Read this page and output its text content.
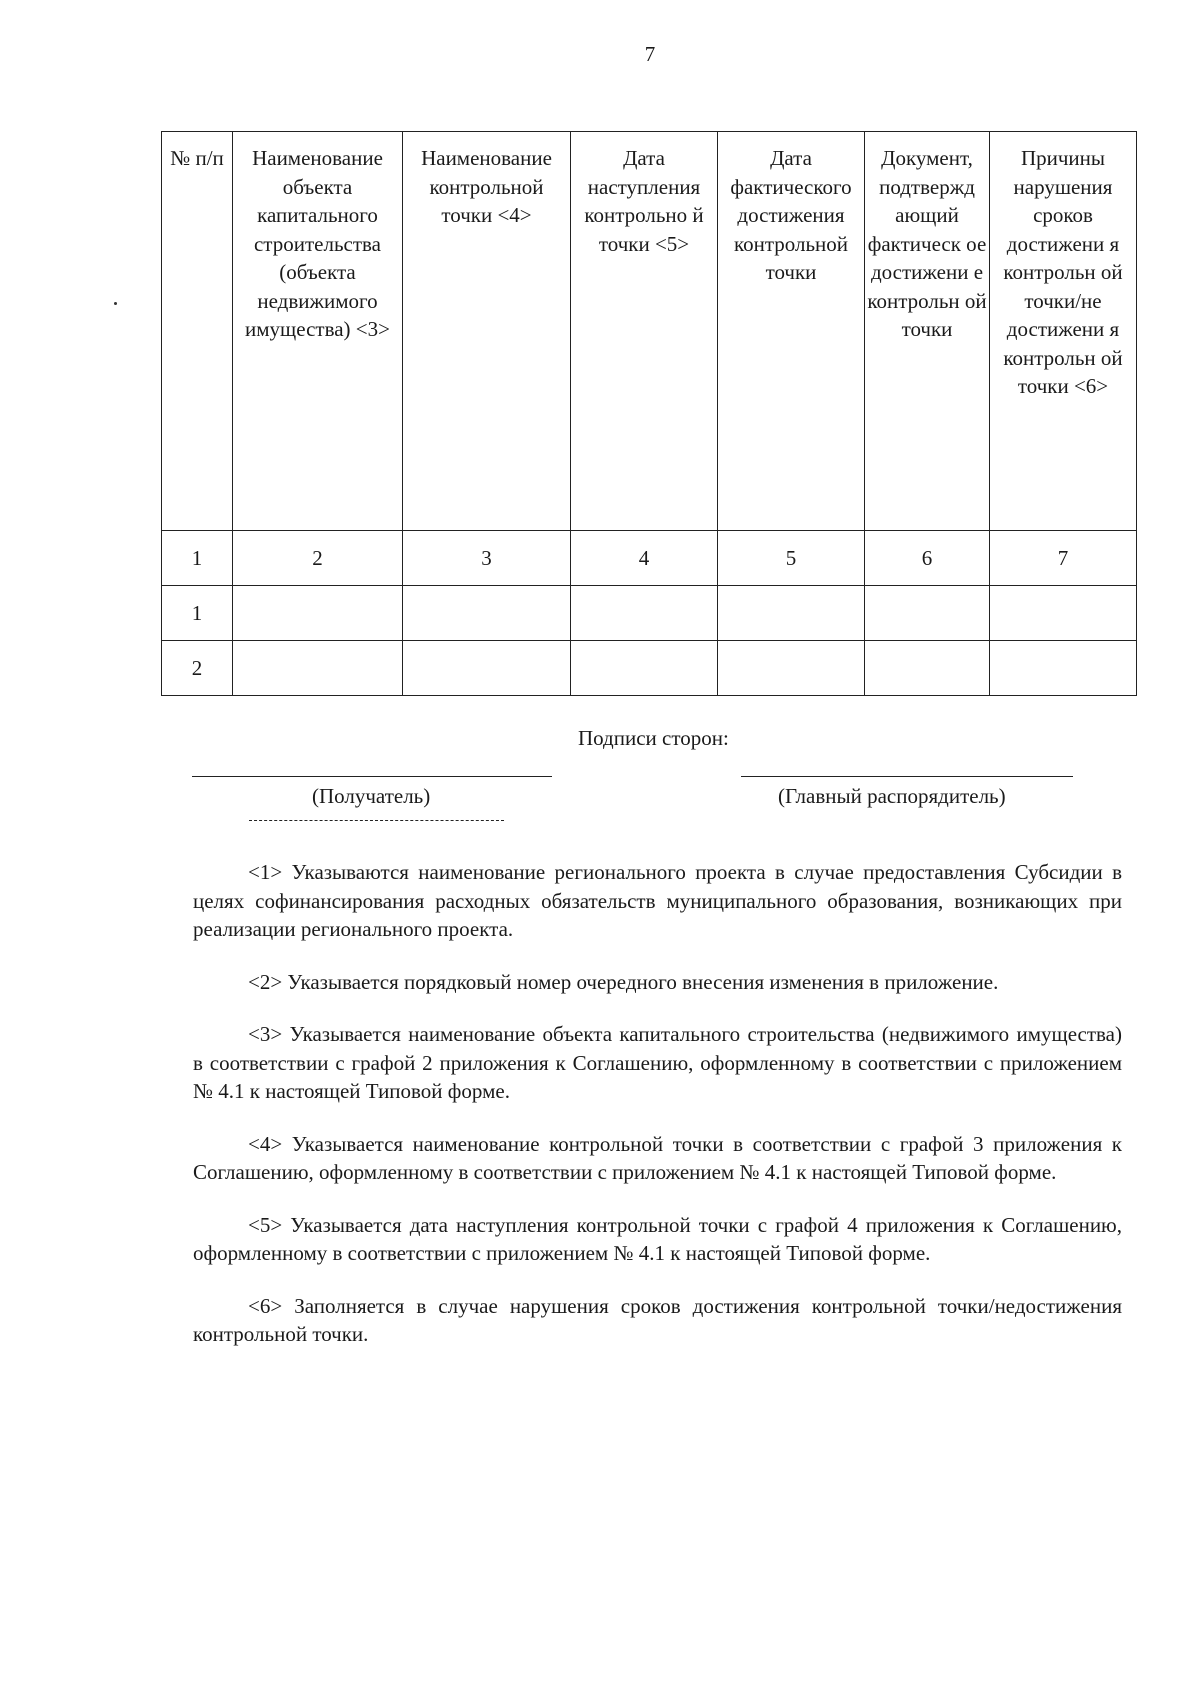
7
№ п/п	Наименование объекта капитального строительства (объекта недвижимого имущества) <3>	Наименование контрольной точки <4>	Дата наступления контрольно й точки <5>	Дата фактического достижения контрольной точки	Документ, подтвержд ающий фактическ ое достижени е контрольн ой точки	Причины нарушения сроков достижени я контрольн ой точки/не достижени я контрольн ой точки <6>

1	2	3	4	5	6	7
1						
2						
Подписи сторон:
(Получатель)	(Главный распорядитель)

<1> Указываются наименование регионального проекта в случае предоставления Субсидии в целях софинансирования расходных обязательств муниципального образования, возникающих при реализации регионального проекта.

<2> Указывается порядковый номер очередного внесения изменения в приложение.

<3> Указывается наименование объекта капитального строительства (недвижимого имущества) в соответствии с графой 2 приложения к Соглашению, оформленному в соответствии с приложением № 4.1 к настоящей Типовой форме.

<4> Указывается наименование контрольной точки в соответствии с графой 3 приложения к Соглашению, оформленному в соответствии с приложением № 4.1 к настоящей Типовой форме.

<5> Указывается дата наступления контрольной точки с графой 4 приложения к Соглашению, оформленному в соответствии с приложением № 4.1 к настоящей Типовой форме.

<6> Заполняется в случае нарушения сроков достижения контрольной точки/недостижения контрольной точки.
